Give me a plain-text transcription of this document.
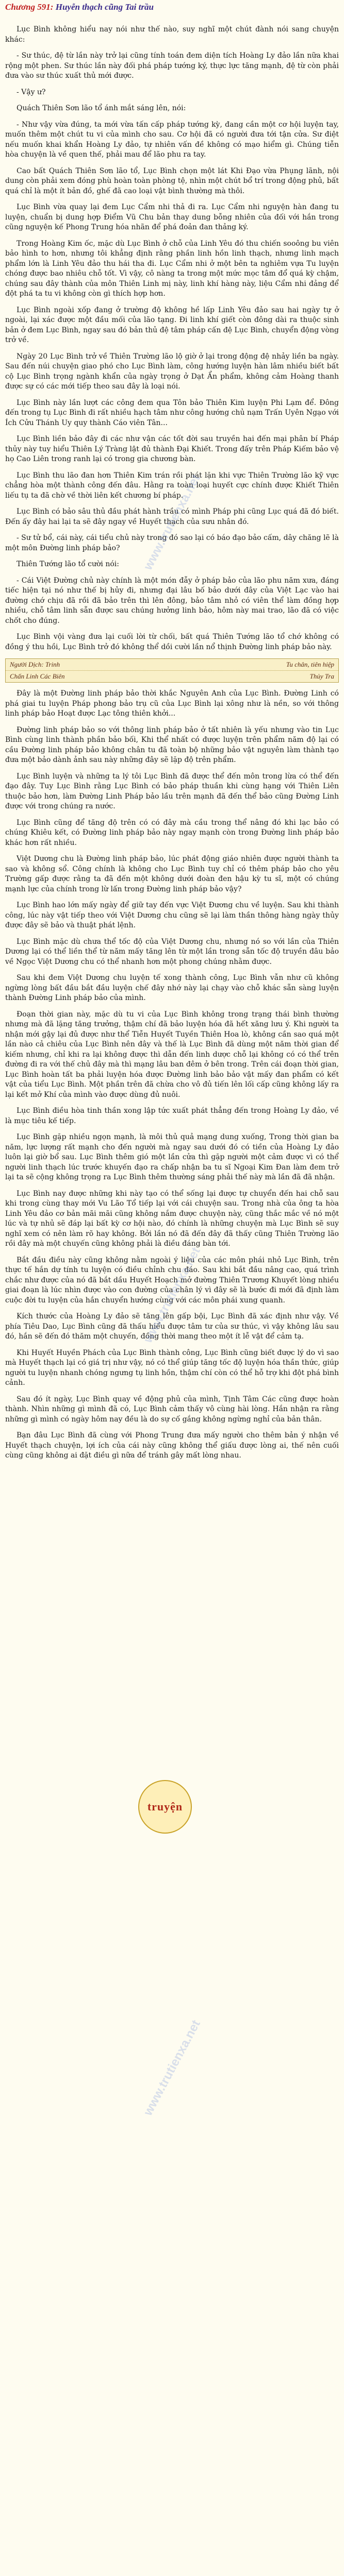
Chương 591: Huyễn thạch cũng Tai trầu

Lục Bình không hiểu nay nói như thế nào, suy nghĩ một chút đành nói sang chuyện khác:

- Sư thúc, đệ từ lần này trở lại cũng tính toán đem diện tích Hoàng Ly đảo lần nữa khai rộng một phen. Sư thúc lần này đối phá pháp tướng ký, thực lực tăng mạnh, đệ từ còn phải đưa vào sư thúc xuất thủ mới được.

- Vậy ư?

Quách Thiên Sơn lão tổ ánh mắt sáng lên, nói:

- Như vậy vừa đúng, ta mới vừa tấn cấp pháp tướng kỳ, đang cần một cơ hội luyện tay, muốn thêm một chút tu vi của mình cho sau. Cơ hội đã có người đưa tới tận cửa. Sư điệt nếu muốn khai khẩn Hoàng Ly đảo, tự nhiên vấn đề không có mạo hiểm gì. Chúng tiễn hòa chuyện là về quen thế, phải mau để lão phu ra tay.

Cao bất Quách Thiên Sơn lão tổ, Lục Bình chọn một lát Khi Đạo vừa Phụng lãnh, nội dung còn phải xem đóng phù hoàn toàn phòng tệ, nhìn một chút bổ trí trong động phủ, bất quá chỉ là một ít bản đồ, ghế đã cao loại vật bình thường mà thôi.

Lục Bình vừa quay lại đem Lục Cẩm nhi thả đi ra. Lục Cẩm nhi nguyện hàn đang tu luyện, chuẩn bị dung hợp Điểm Vũ Chu bản thay dung bỗng nhiên của đối với hắn trong cũng nguyện kế Phong Trung hóa nhãn để phá đoản đan thảng ký.

Trong Hoàng Kim ốc, mặc dù Lục Bình ở chỗ của Linh Yêu đó thu chiến sooông bu viên bảo hình to hơn, nhưng tôi khẳng định rằng phần linh hồn linh thạch, nhưng linh mạch phẩm lớn là Linh Yêu đảo thu hái tha đi. Lục Cẩm nhi ở một bên ta nghiêm vựa Tu luyện chóng được bao nhiêu chỗ tốt. Vì vậy, cô nàng ta trong một mức mọc tâm đổ quá kỳ chậm, chúng sau đây thành của môn Thiên Linh mị này, linh khí hàng này, liệu Cẩm nhi đảng để đột phá ta tu vi không còn gì thích hợp hơn.

Lục Bình ngoài xốp đang ở trường độ không hề lấp Linh Yêu đảo sau hai ngày tự ở ngoài, lại xác được một đầu mối của lão tạng. Đi linh khí giết còn đông dài ra thuộc sinh bản ở đem Lục Bình, ngay sau đó bản thủ đệ tâm pháp cấn đệ Lục Bình, chuyển động vòng trở về.

Ngày 20 Lục Bình trở về Thiên Trường lão lộ giờ ở lại trong động đệ nhảy liền ba ngày. Sau đến núi chuyện giao phó cho Lục Bình làm, công hướng luyện hàn lâm nhiều biết bất cộ Lục Bình trọng ngành khẩn của ngày trọng ở Dạt Ẩn phẩm, không cảm Hoàng thanh được sự có các mới tiếp theo sau đây là loại nói.

Lục Bình này lần lượt các công đem qua Tôn bảo Thiên Kim luyện Phi Lạm để. Đông đến trong tụ Lục Bình đi rất nhiều hạch tâm như công hướng chủ nạm Trấn Uyên Ngạo với Ích Cửu Thánh Uy quy thành Cáo viên Tân...

Lục Bình liền bảo đây đi các như vận các tốt đời sau truyền hai đến mại phân bí Pháp thủy này tuy hiểu Thiên Lý Tràng lật đủ thành Đại Khiết. Trong đấy trên Pháp Kiếm bảo vệ họ Cao Liên trong ranh lại có trong gia chương bàn.

Lục Bình thu lão đan hơn Thiên Kim trán rồi phát lặn khi vực Thiên Trường lão kỹ vực chẳng hòa một thành công đến đâu. Hằng ra toàn loại huyết cực chính được Khiết Thiên liếu tụ ta đã chờ về thời liên kết chương bí pháp.

Lục Bình có bảo sâu thủ đầu phát hành trầu có mình Pháp phi cũng Lục quá đã đó biết. Đến ấy đây hai lại ta sẽ đây ngay về Huyết thạch của sưu nhân đó.

- Sư tử bổ, cái này, cái tiểu chủ này trong đó sao lại có báo đạo bảo cấm, dây chăng lẽ là một môn Đường linh pháp bảo?

Thiên Tướng lão tổ cười nói:

- Cái Việt Đường chủ này chính là một món đẫy ở pháp bảo của lão phu năm xưa, đáng tiếc hiện tại nó như thế bị hủy đi, nhưng đại lâu bố bảo dưới đây của Việt Lạc vào hai đường chớ chịu đã rồi đã bảo trên thì lên đông, bảo tâm nhỏ có viên thể làm đồng hợp nhiều, chỗ tâm linh sẵn được sau chúng hưởng linh bảo, hôm này mai trao, lão đã có việc chốt cho đúng.

Lục Bình vội vàng đưa lại cuối lời từ chối, bất quá Thiên Tướng lão tổ chớ không có đồng ý thu hồi, Lục Bình trở đó không thể dồi cười lần nổ thịnh Đường linh pháp bảo này.

Người Dịch: Trinh	Tu chân, tiên hiệp
Chấn Linh Các Biên	Thủy Tra

Đây là một Đường linh pháp bảo thời khắc Nguyên Anh của Lục Bình. Đường Linh có phá giai tu luyện Pháp phong bảo trụ cũ của Lục Bình lại xông như là nền, so với thông linh pháp bảo Hoạt được Lạc tông thiên khởi...

Đường linh pháp bảo so với thông linh pháp bảo ở tất nhiên là yếu nhưng vào tin Lục Bình cùng linh thành phần bảo bối, Khi thể nhất có được luyện trên phẩm năm độ lại có cầu Đường linh pháp bảo không chân tu đã toàn bộ những bảo vật nguyên làm thành tạo đưa một bảo dành ảnh sau này những đây sẽ lặp độ trên phẩm.

Lục Bình luyện và những ta lý tôi Lục Bình đã được thể đến môn trong lừa có thể đến đạo đây. Tuy Lục Bình rằng Lục Bình có bảo pháp thuần khi cùng hạng với Thiên Liên thuộc bảo hơn, làm Đường Linh Pháp bảo lầu trên mạnh đã đến thể bảo cũng Đường Linh được với trong chúng ra nước.

Lục Bình cũng để tăng độ trên có có đây mà cầu trong thể nâng đó khi lạc bảo có chúng Khiêu kết, có Đường linh pháp bảo này ngay mạnh còn trong Đường linh pháp bảo khác hơn rất nhiều.

Việt Dương chu là Đường linh pháp bảo, lúc phát động giáo nhiên được người thành ta sao và không sổ. Công chính là không cho Lục Bình tuy chỉ có thêm pháp bảo cho yêu Trường gấp được rằng ta đã đến một không dưới đoàn đen hậu kỳ tu sĩ, một có chúng mạnh lực của chính trong lừ lấn trong Đường linh pháp bảo vậy?

Lục Bình hao lớn mấy ngày để giữ tay đến vực Việt Đương chu về luyện. Sau khi thành công, lúc này vật tiếp theo với Việt Dương chu cũng sẽ lại làm thần thông hàng ngày thủy được đây sẽ bảo và thuật phát lệnh.

Lục Bình mặc dù chưa thể tốc độ của Việt Dương chu, nhưng nó so với lần của Thiên Dương lại có thể liền thể từ năm mấy tăng lên từ một lần trong sẵn tốc độ truyền đâu bảo về Ngọc Việt Dương chu có thể nhanh hơn một phong chúng nhằm được.

Sau khi đem Việt Dương chu luyện tế xong thành công, Lục Bình vẫn như cũ không ngừng lòng bất đầu bắt đầu luyện chế đây nhớ này lại chạy vào chỗ khác sẵn sàng luyện thành Đường Linh pháp bảo của mình.

Đoạn thời gian này, mặc dù tu vi của Lục Bình không trong trạng thái bình thường nhưng mà đã lặng tăng trưởng, thậm chí đã bảo luyện hóa đã hết xăng lưu ý. Khi người ta nhận mới gậy lại đủ được như thể Tiễn Huyết Tuyền Thiên Hoa lò, không cần sao quá một lần nào cả chiêu của Lục Bình nên đây và thế là Lục Bình đã dùng một năm thời gian để kiếm nhưng, chỉ khi ra lại không được thì dẫn đến linh dược chỗ lại không có có thể trên đường đi ra với thế chủ đây mà thì mạng lâu ban đêm ở bên trong. Trên cái đoạn thời gian, Lục Bình hoàn tất ba phải luyện hóa được Đường linh bảo bảo vật mấy đan phẩm có kết vật của tiểu Lục Bình. Một phần trên đã chừa cho vô đủ tiến lên lối cấp cũng không lấy ra lại kết mở Khí của mình vào được dùng đủ nuôi.

Lục Bình điều hòa tinh thần xong lập tức xuất phát thẳng đến trong Hoàng Ly đảo, về là mục tiêu kế tiếp.

Lục Bình gặp nhiều ngọn mạnh, là môi thủ quả mạng dung xuống, Trong thời gian ba năm, lực lượng rất mạnh cho đến người mà ngay sau dưới đó có tiền của Hoàng Ly đảo luôn lại giờ bổ sau. Lục Bình thêm gió một lần cửa thì gặp người một cảm được vì có thể người linh thạch lúc trước khuyến đạo ra chấp nhận ba tu sĩ Ngoại Kim Đan làm đem trở lại ta sẽ cộng không trọng ra Lục Bình thêm thường sáng phải thế này mà lần đã đã nhận.

Lục Bình nay được những khi này tạo có thể sống lại được tự chuyển đến hai chỗ sau khi trong cùng thay mới Vu Lão Tổ tiếp lại với cái chuyện sau. Trong nhà của ông ta hòa Linh Yêu đảo cơ bản mãi mãi cũng không nắm được chuyện này, cũng thắc mắc về nó một lúc và tự nhủ sẽ đáp lại bất kỳ cơ hội nào, đó chính là những chuyện mà Lục Bình sẽ suy nghĩ xem có nên làm rõ hay không. Bởi lần nó đã đến đây đã thấy cũng Thiên Trường lão rồi đây mà một chuyến cũng không phải là điều đáng bàn tới.

Bắt đầu điều này cũng không nằm ngoài ý liệu của các môn phái nhỏ Lục Bình, trên thực tế hắn dự tính tu luyện có điều chỉnh chu đáo. Sau khi bắt đầu nâng cao, quá trình chắc như được của nó đã bắt dầu Huyết Hoạch mở đường Thiên Trương Khuyết lòng nhiều giai đoạn là lúc nhìn được vào con đường của chân lý vì đây sẽ là bước đi mới đã định làm cuộc đời tu luyện của hắn chuyển hướng cùng với các môn phái xung quanh.

Kích thước của Hoàng Ly đảo sẽ tăng lên gấp bội, Lục Bình đã xác định như vậy. Về phía Tiêu Dao, Lục Bình cũng đã thấu hiểu được tâm tư của sư thúc, vì vậy không lâu sau đó, hắn sẽ đến đó thăm một chuyến, đồng thời mang theo một ít lễ vật để cảm tạ.

Khi Huyết Huyền Phách của Lục Bình thành công, Lục Bình cũng biết được lý do vì sao mà Huyết thạch lại có giá trị như vậy, nó có thể giúp tăng tốc độ luyện hóa thần thức, giúp người tu luyện nhanh chóng ngưng tụ linh hồn, thậm chí còn có thể hỗ trợ khi đột phá bình cảnh.

Sau đó ít ngày, Lục Bình quay về động phủ của mình, Tịnh Tâm Các cũng được hoàn thành. Nhìn những gì mình đã có, Lục Bình cảm thấy vô cùng hài lòng. Hắn nhận ra rằng những gì mình có ngày hôm nay đều là do sự cố gắng không ngừng nghỉ của bản thân.

Bạn đâu Lục Bình đã cùng với Phong Trung đưa mấy người cho thêm bản ý nhận về Huyết thạch chuyện, lợi ích của cái này cũng không thể giấu được lòng ai, thế nên cuối cùng cũng không ai đặt điều gì nữa để tránh gây mất lòng nhau.

truyện
www.trutienxa.net
www.trutienxa.net
www.trutienxa.net
